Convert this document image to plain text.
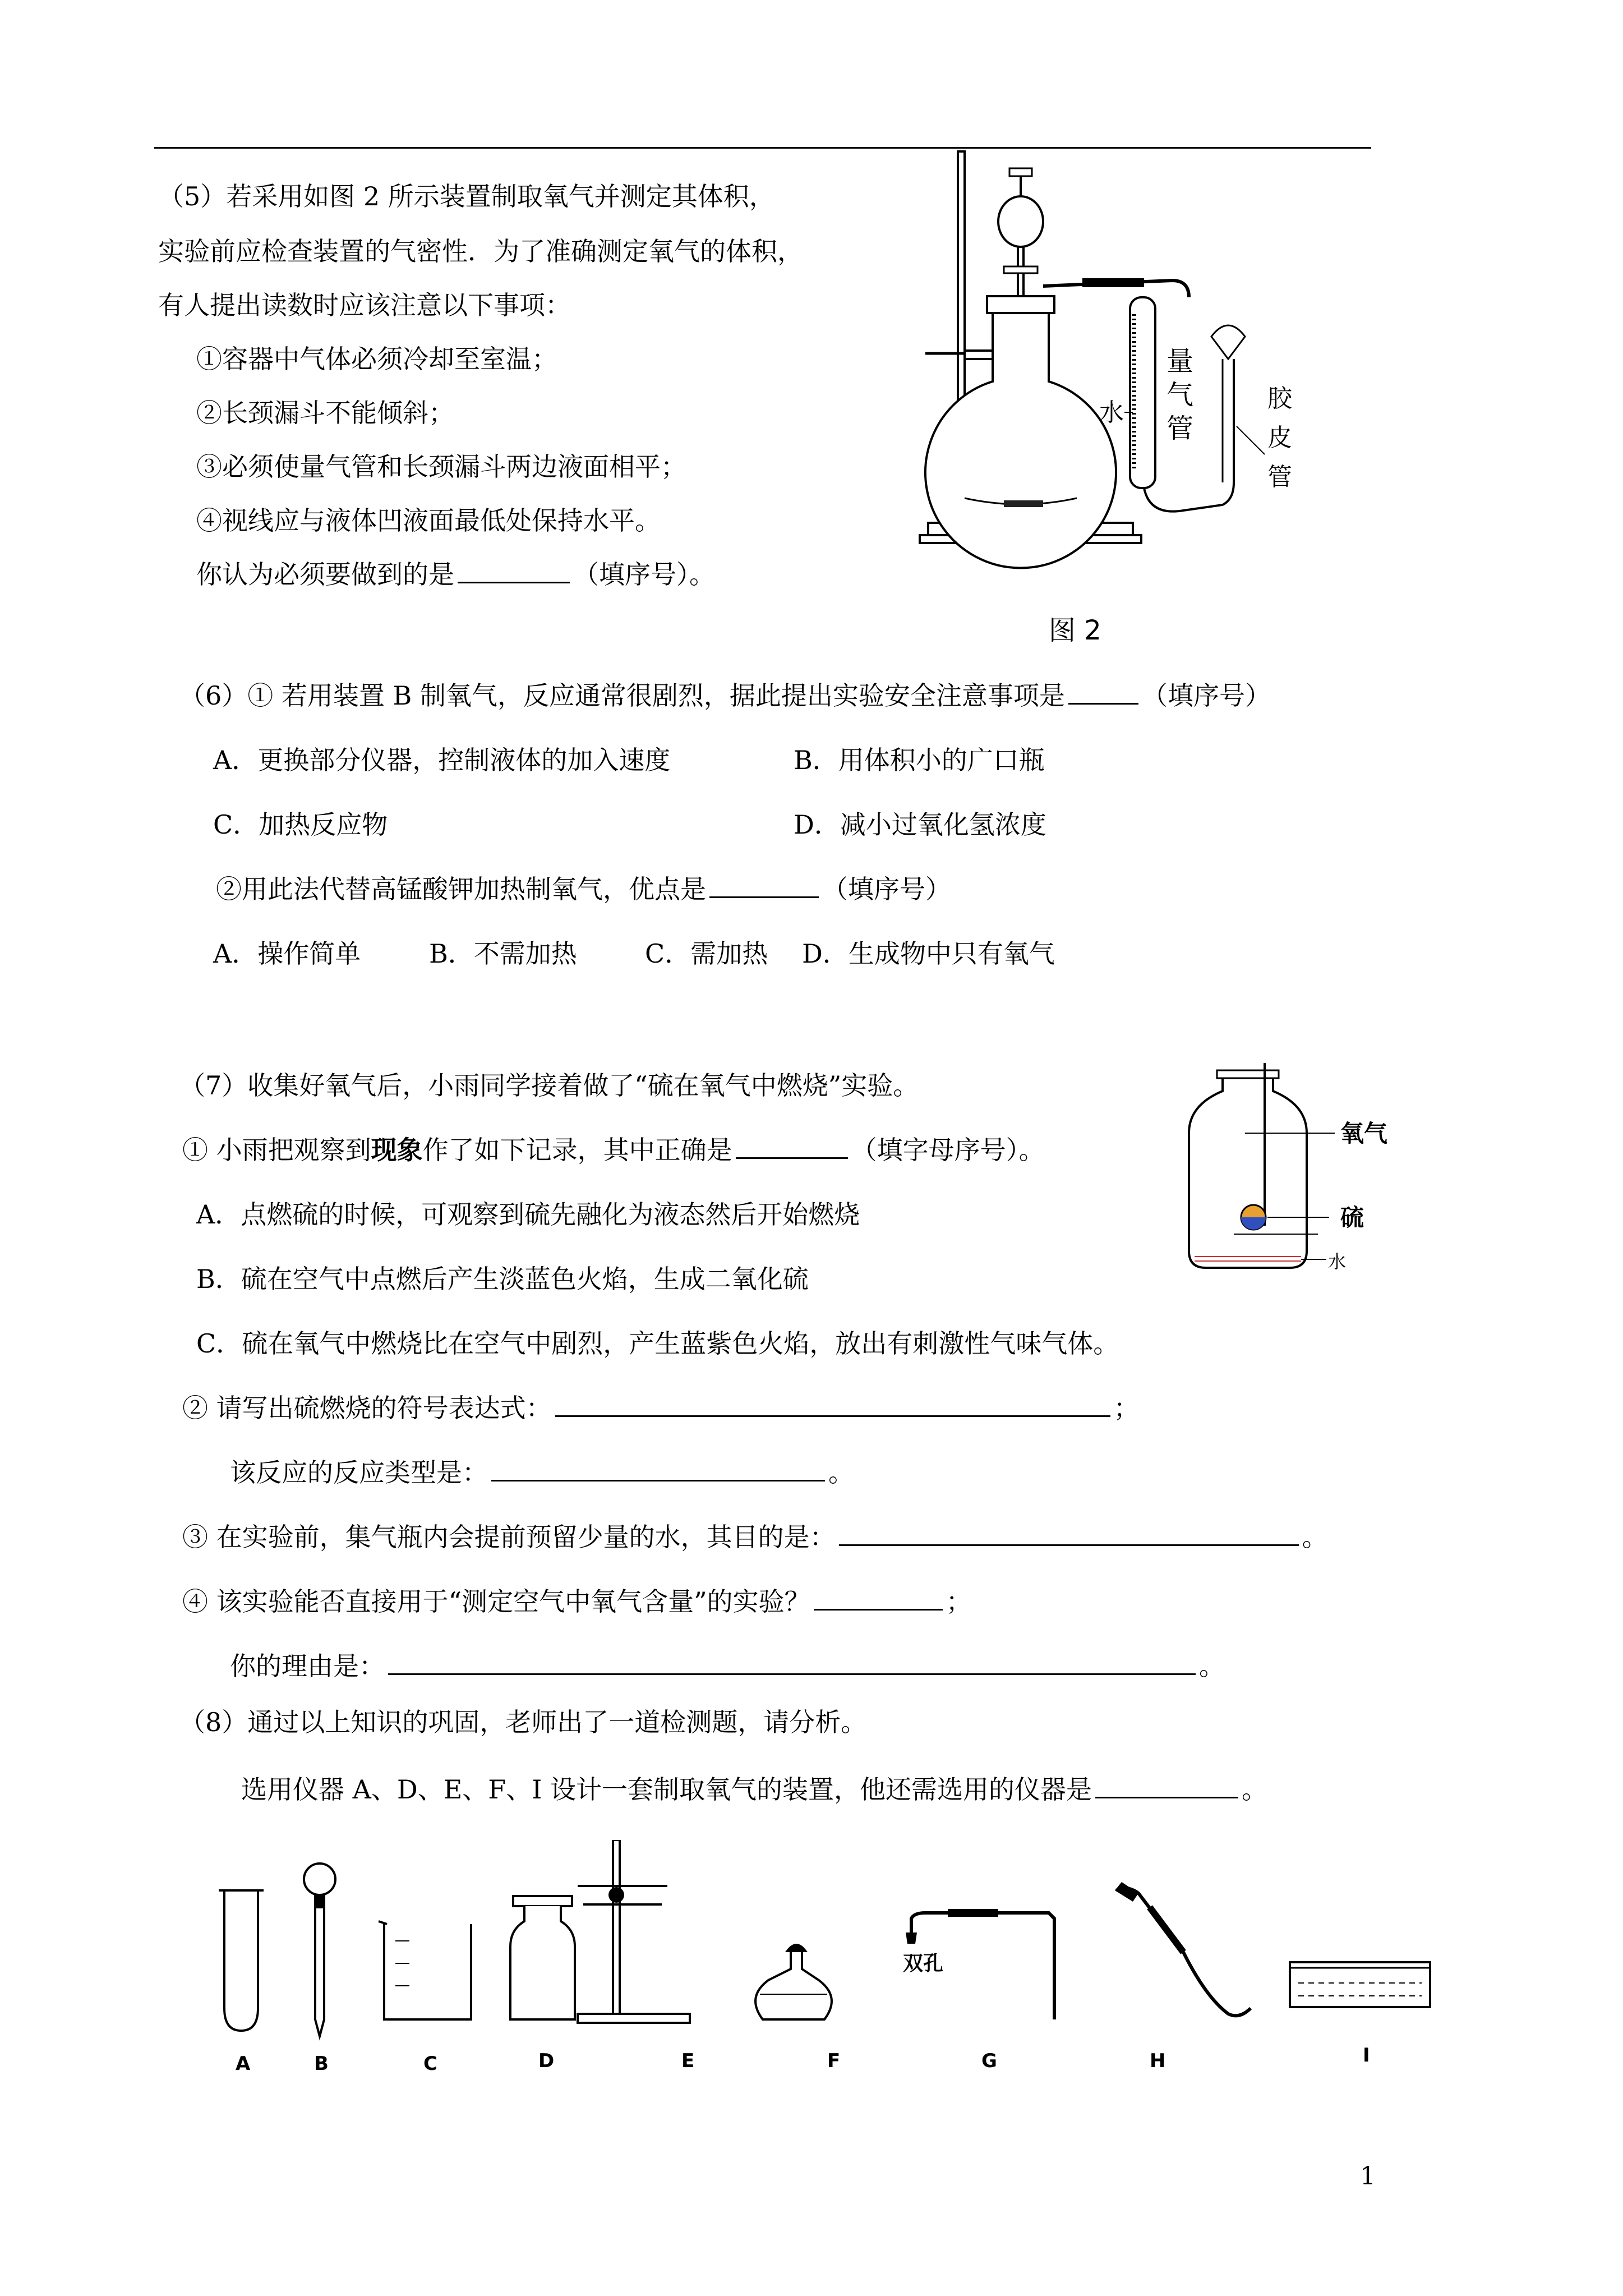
（5）若采用如图 2 所示装置制取氧气并测定其体积，
实验前应检查装置的气密性．为了准确测定氧气的体积，
有人提出读数时应该注意以下事项：
①容器中气体必须冷却至室温；
②长颈漏斗不能倾斜；
③必须使量气管和长颈漏斗两边液面相平；
④视线应与液体凹液面最低处保持水平。
你认为必须要做到的是	（填序号）。
水
量
气
管
胶
皮
管
图 2
（6）① 若用装置 B 制氧气，反应通常很剧烈，据此提出实验安全注意事项是	（填序号）
A．更换部分仪器，控制液体的加入速度	B．用体积小的广口瓶
C．加热反应物	D．减小过氧化氢浓度
②用此法代替高锰酸钾加热制氧气，优点是	（填序号）
A．操作简单	B．不需加热	C．需加热 D．生成物中只有氧气
（7）收集好氧气后，小雨同学接着做了“硫在氧气中燃烧”实验。
① 小雨把观察到现象作了如下记录，其中正确是	（填字母序号）。
A．点燃硫的时候，可观察到硫先融化为液态然后开始燃烧
B．硫在空气中点燃后产生淡蓝色火焰，生成二氧化硫
C．硫在氧气中燃烧比在空气中剧烈，产生蓝紫色火焰，放出有刺激性气味气体。
② 请写出硫燃烧的符号表达式：	；
该反应的反应类型是：	。
③ 在实验前，集气瓶内会提前预留少量的水，其目的是：	。
④ 该实验能否直接用于“测定空气中氧气含量”的实验？	；
你的理由是：	。
氧气
硫
水
（8）通过以上知识的巩固，老师出了一道检测题，请分析。
选用仪器 A、D、E、F、I 设计一套制取氧气的装置，他还需选用的仪器是	。
双孔
A	B	C	D	E	F	G	H	I
1
